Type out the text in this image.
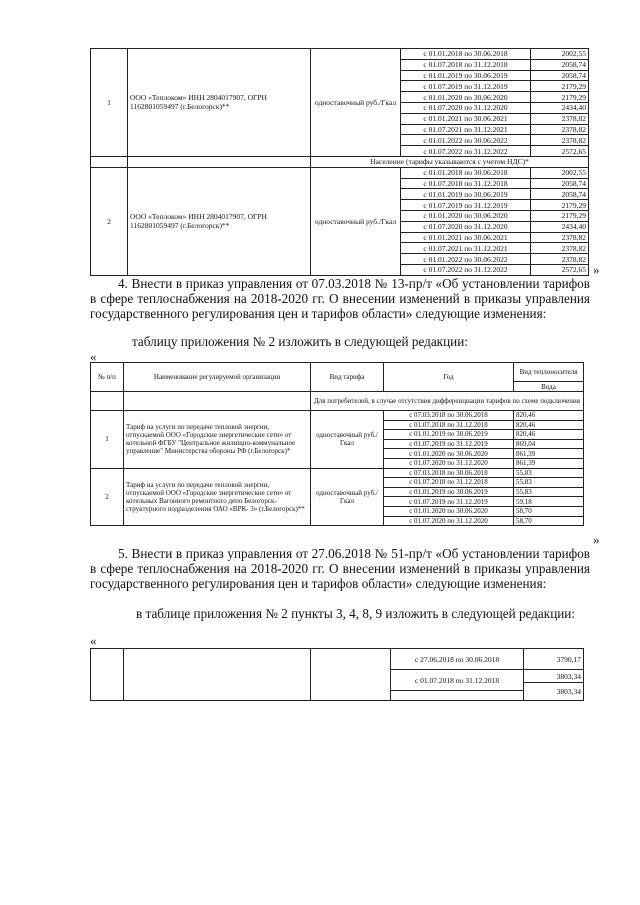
1	ООО «Теплоком» ИНН 2804017907, ОГРН 1162801059497 (г.Белогорск)**	одноставочный руб./Гкал	с 01.01.2018 по 30.06.2018	2002,55
			с 01.07.2018 по 31.12.2018	2058,74
			с 01.01.2019 по 30.06.2019	2058,74
			с 01.07.2019 по 31.12.2019	2179,29
			с 01.01.2020 по 30.06.2020	2179,29
			с 01.07.2020 по 31.12.2020	2434,40
			с 01.01.2021 по 30.06.2021	2378,82
			с 01.07.2021 по 31.12.2021	2378,82
			с 01.01.2022 по 30.06.2022	2378,82
			с 01.07.2022 по 31.12.2022	2572,65
		Население (тарифы указываются с учетом НДС)*		
2	ООО «Теплоком» ИНН 2804017907, ОГРН 1162801059497 (г.Белогорск)**	одноставочный руб./Гкал	с 01.01.2018 по 30.06.2018	2002,55
			с 01.07.2018 по 31.12.2018	2058,74
			с 01.01.2019 по 30.06.2019	2058,74
			с 01.07.2019 по 31.12.2019	2179,29
			с 01.01.2020 по 30.06.2020	2179,29
			с 01.07.2020 по 31.12.2020	2434,40
			с 01.01.2021 по 30.06.2021	2378,82
			с 01.07.2021 по 31.12.2021	2378,82
			с 01.01.2022 по 30.06.2022	2378,82
			с 01.07.2022 по 31.12.2022	2572,65 »
4. Внести в приказ управления от 07.03.2018 № 13-пр/т «Об установлении тарифов в сфере теплоснабжения на 2018-2020 гг. О внесении изменений в приказы управления государственного регулирования цен и тарифов области» следующие изменения:
таблицу приложения № 2 изложить в следующей редакции:
«
№ п/п	Наименование регулируемой организации	Вид тарифа	Год	Вид теплоносителя
				Вода
		Для потребителей, в случае отсутствия дифференциации тарифов по схеме подключения		
1	Тариф на услуги по передаче тепловой энергии, отпускаемой ООО «Городские энергетические сети» от котельной ФГБУ "Центральное жилищно-коммунальное управление" Министерства обороны РФ (г.Белогорск)*	одноставочный руб./Гкал	с 07.03.2018 по 30.06.2018	820,46
			с 01.07.2018 по 31.12.2018	820,46
			с 01.01.2019 по 30.06.2019	820,46
			с 01.07.2019 по 31.12.2019	869,04
			с 01.01.2020 по 30.06.2020	861,39
			с 01.07.2020 по 31.12.2020	861,39
2	Тариф на услуги по передаче тепловой энергии, отпускаемой ООО «Городские энергетические сети» от котельных Вагонного ремонтного депо Белогорск- структурного подразделения ОАО «ВРК- 3» (г.Белогорск)**	одноставочный руб./Гкал	с 07.03.2018 по 30.06.2018	55,83
			с 01.07.2018 по 31.12.2018	55,83
			с 01.01.2019 по 30.06.2019	55,83
			с 01.07.2019 по 31.12.2019	59,18
			с 01.01.2020 по 30.06.2020	58,70
			с 01.07.2020 по 31.12.2020	58,70
»
5. Внести в приказ управления от 27.06.2018 № 51-пр/т «Об установлении тарифов в сфере теплоснабжения на 2018-2020 гг. О внесении изменений в приказы управления государственного регулирования цен и тарифов области» следующие изменения:
в таблице приложения № 2 пункты 3, 4, 8, 9 изложить в следующей редакции:
«
			с 27.06.2018 по 30.06.2018	3790,17

			с 01.07.2018 по 31.12.2018	3803,34
				3803,34
